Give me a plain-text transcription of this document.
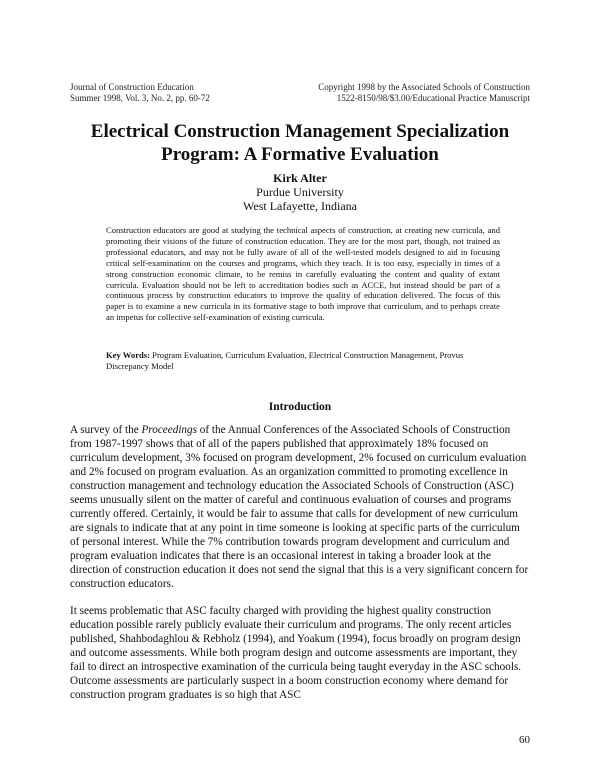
Journal of Construction Education
Summer 1998, Vol. 3, No. 2, pp. 60-72
Copyright 1998 by the Associated Schools of Construction
1522-8150/98/$3.00/Educational Practice Manuscript
Electrical Construction Management Specialization
Program: A Formative Evaluation
Kirk Alter
Purdue University
West Lafayette, Indiana

Construction educators are good at studying the technical aspects of construction, at creating new curricula, and promoting their visions of the future of construction education. They are for the most part, though, not trained as professional educators, and may not be fully aware of all of the well-tested models designed to aid in focusing critical self-examination on the courses and programs, which they teach. It is too easy, especially in times of a strong construction economic climate, to be remiss in carefully evaluating the content and quality of extant curricula. Evaluation should not be left to accreditation bodies such as ACCE, but instead should be part of a continuous process by construction educators to improve the quality of education delivered. The focus of this paper is to examine a new curricula in its formative stage to both improve that curriculum, and to perhaps create an impetus for collective self-examination of existing curricula.

Key Words: Program Evaluation, Curriculum Evaluation, Electrical Construction Management, Provus Discrepancy Model

Introduction

A survey of the Proceedings of the Annual Conferences of the Associated Schools of Construction from 1987-1997 shows that of all of the papers published that approximately 18% focused on curriculum development, 3% focused on program development, 2% focused on curriculum evaluation and 2% focused on program evaluation. As an organization committed to promoting excellence in construction management and technology education the Associated Schools of Construction (ASC) seems unusually silent on the matter of careful and continuous evaluation of courses and programs currently offered. Certainly, it would be fair to assume that calls for development of new curriculum are signals to indicate that at any point in time someone is looking at specific parts of the curriculum of personal interest. While the 7% contribution towards program development and curriculum and program evaluation indicates that there is an occasional interest in taking a broader look at the direction of construction education it does not send the signal that this is a very significant concern for construction educators.

It seems problematic that ASC faculty charged with providing the highest quality construction education possible rarely publicly evaluate their curriculum and programs. The only recent articles published, Shahbodaghlou & Rebholz (1994), and Yoakum (1994), focus broadly on program design and outcome assessments. While both program design and outcome assessments are important, they fail to direct an introspective examination of the curricula being taught everyday in the ASC schools. Outcome assessments are particularly suspect in a boom construction economy where demand for construction program graduates is so high that ASC

60
